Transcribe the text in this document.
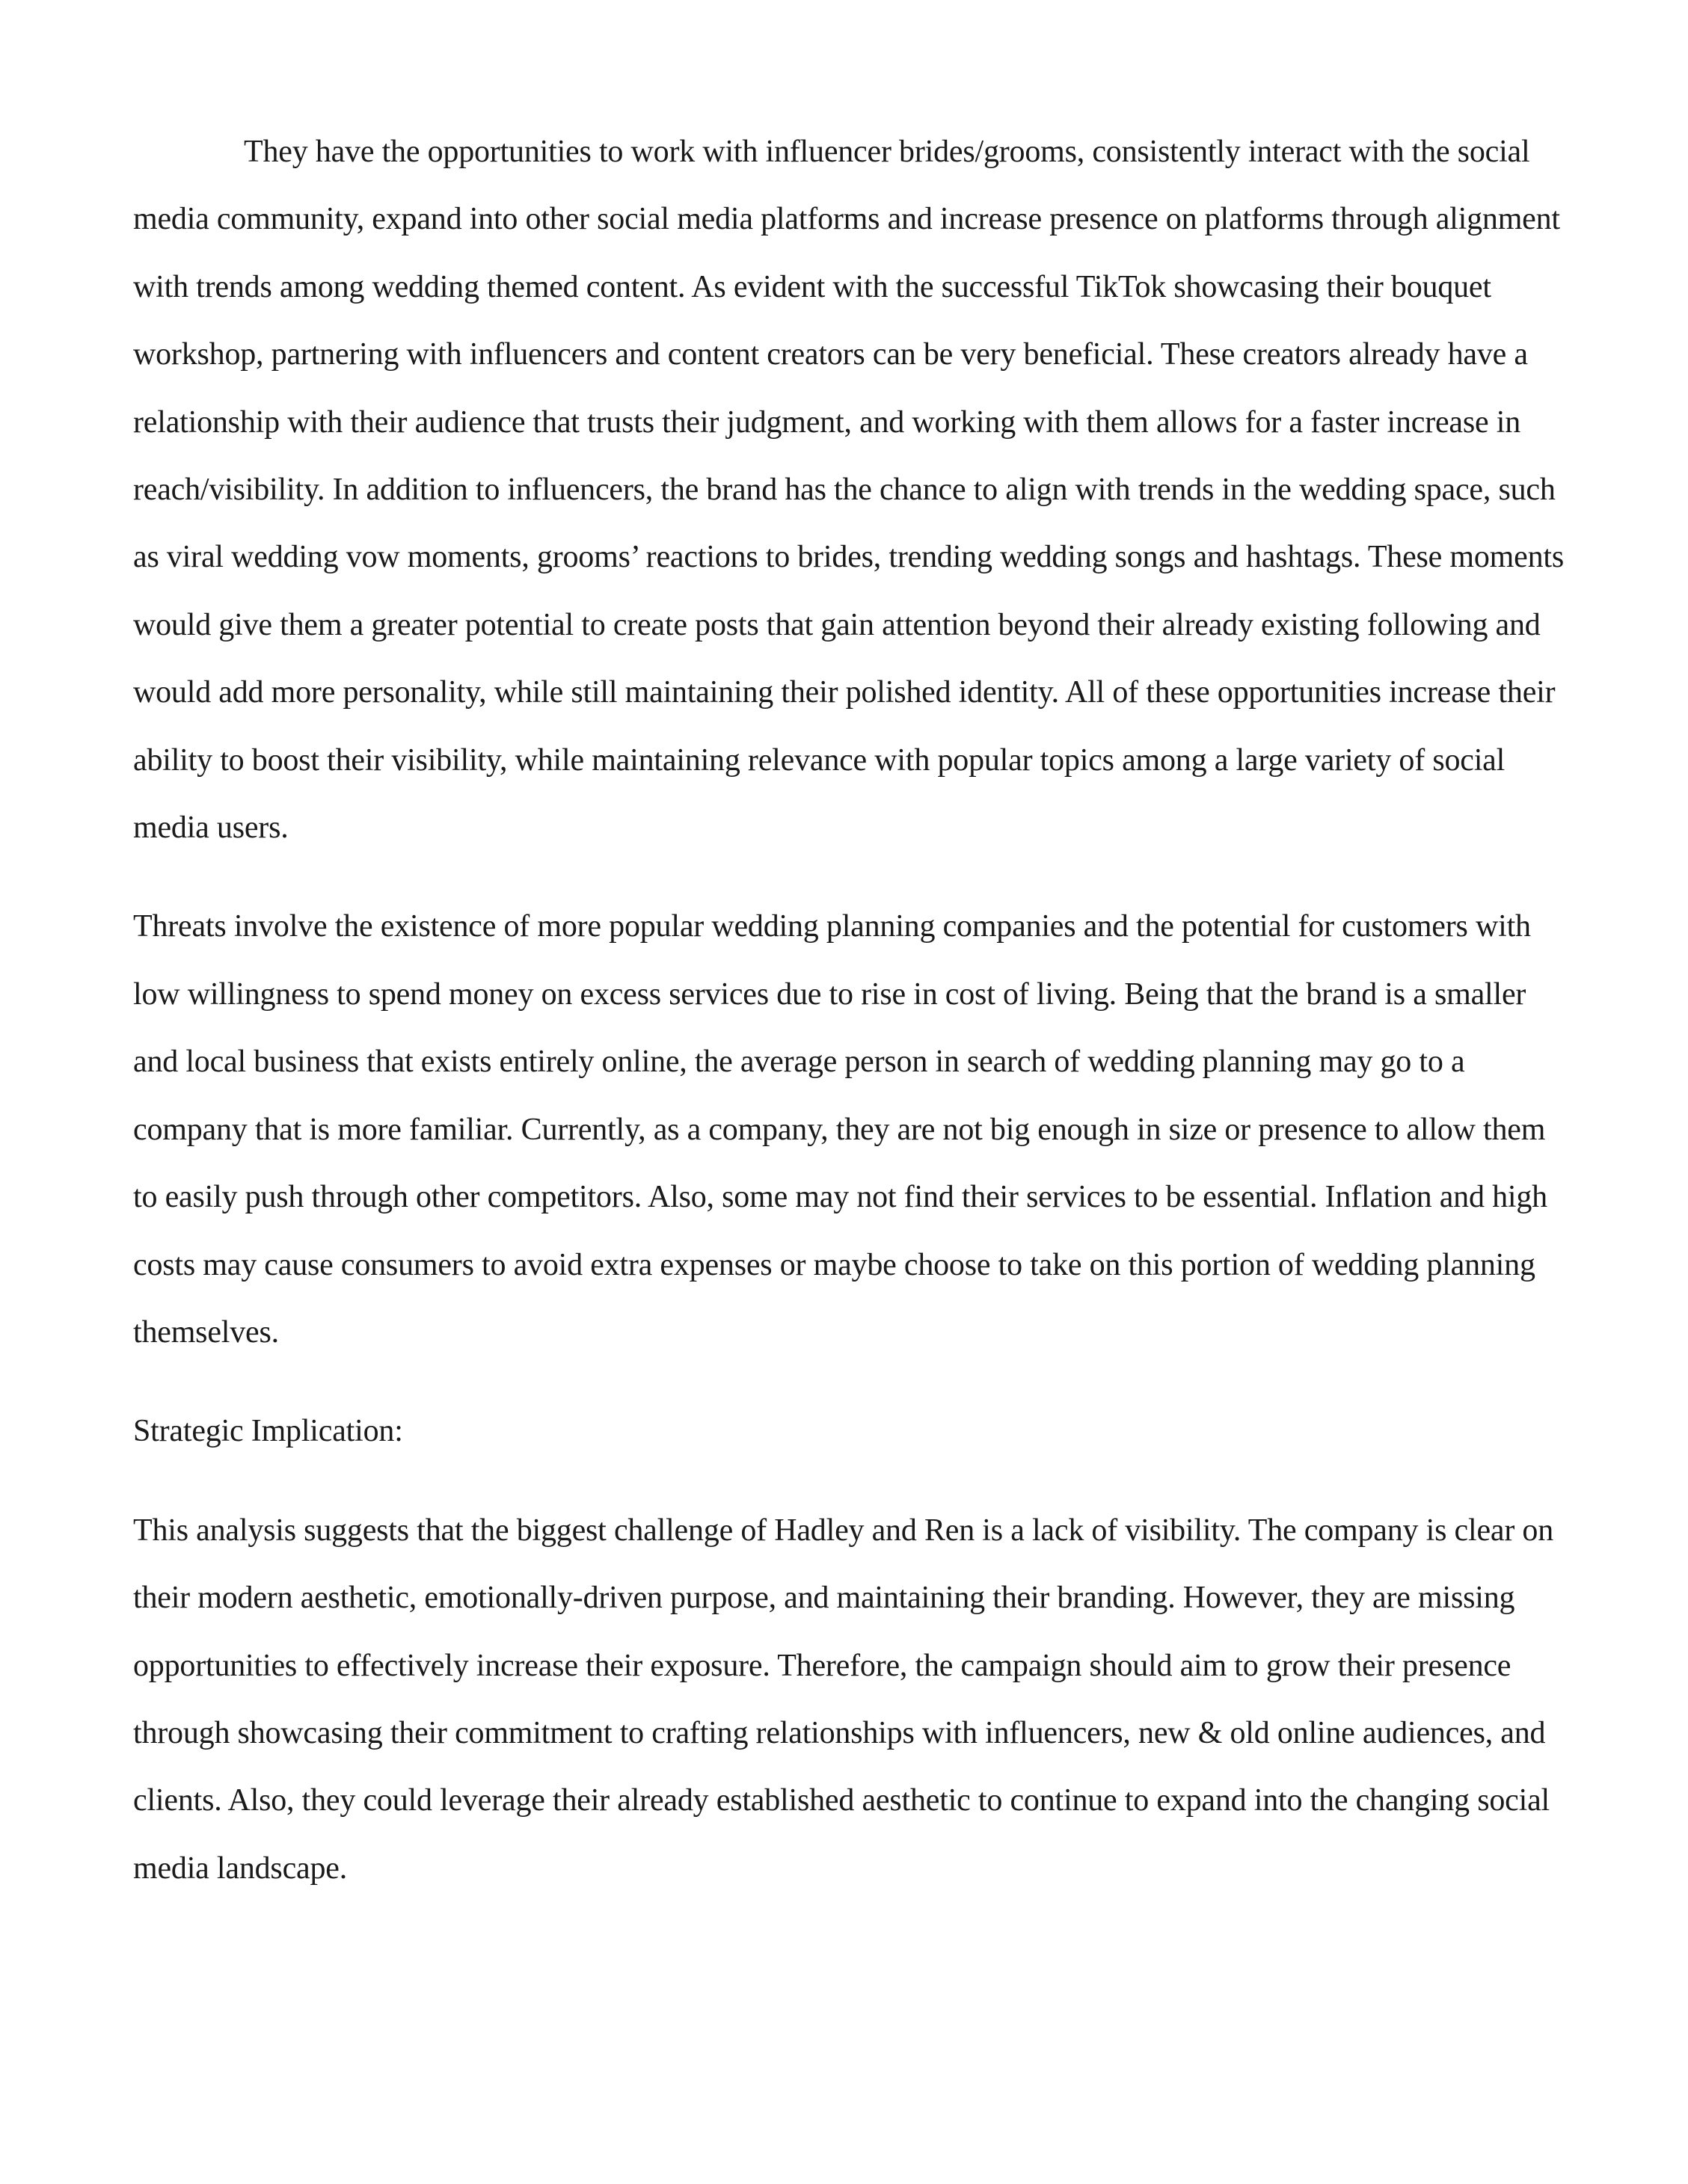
They have the opportunities to work with influencer brides/grooms, consistently interact with the social media community, expand into other social media platforms and increase presence on platforms through alignment with trends among wedding themed content. As evident with the successful TikTok showcasing their bouquet workshop, partnering with influencers and content creators can be very beneficial. These creators already have a relationship with their audience that trusts their judgment, and working with them allows for a faster increase in reach/visibility. In addition to influencers, the brand has the chance to align with trends in the wedding space, such as viral wedding vow moments, grooms’ reactions to brides, trending wedding songs and hashtags. These moments would give them a greater potential to create posts that gain attention beyond their already existing following and would add more personality, while still maintaining their polished identity. All of these opportunities increase their ability to boost their visibility, while maintaining relevance with popular topics among a large variety of social media users.

Threats involve the existence of more popular wedding planning companies and the potential for customers with low willingness to spend money on excess services due to rise in cost of living. Being that the brand is a smaller and local business that exists entirely online, the average person in search of wedding planning may go to a company that is more familiar. Currently, as a company, they are not big enough in size or presence to allow them to easily push through other competitors. Also, some may not find their services to be essential. Inflation and high costs may cause consumers to avoid extra expenses or maybe choose to take on this portion of wedding planning themselves.

Strategic Implication:

This analysis suggests that the biggest challenge of Hadley and Ren is a lack of visibility. The company is clear on their modern aesthetic, emotionally-driven purpose, and maintaining their branding. However, they are missing opportunities to effectively increase their exposure. Therefore, the campaign should aim to grow their presence through showcasing their commitment to crafting relationships with influencers, new & old online audiences, and clients. Also, they could leverage their already established aesthetic to continue to expand into the changing social media landscape.
